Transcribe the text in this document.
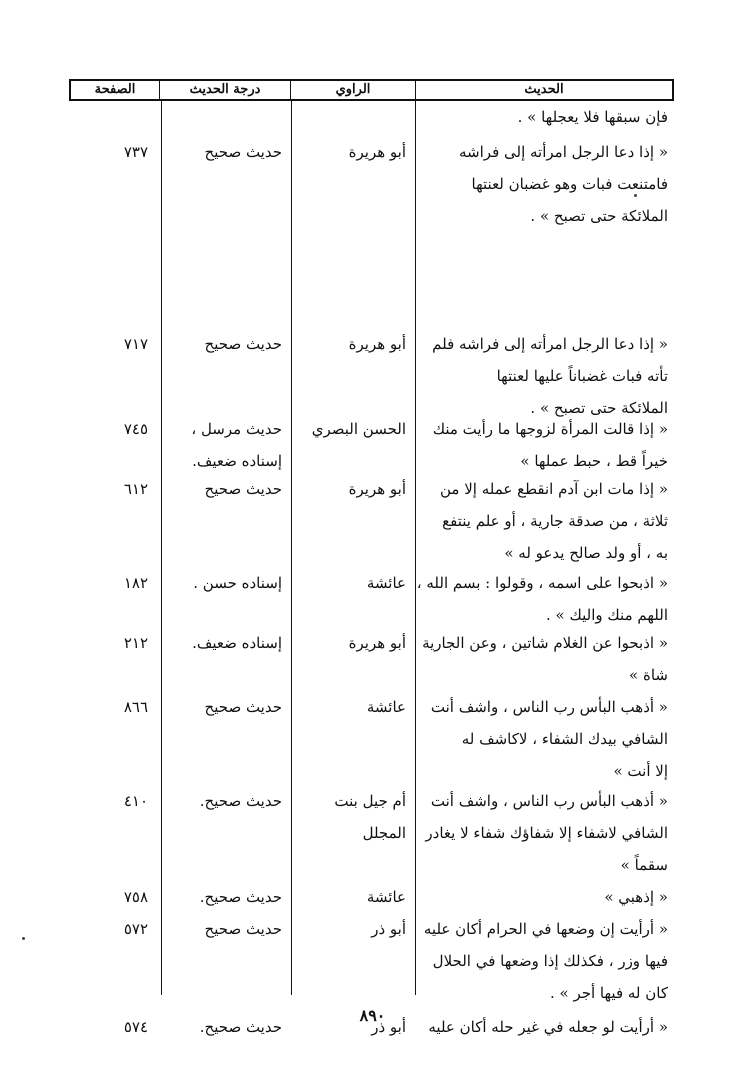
الحديث
الراوي
درجة الحديث
الصفحة
فإن سبقها فلا يعجلها » .
« إذا دعا الرجل امرأته إلى فراشه
فامتنعت فبات وهو غضبان لعنتها
الملائكة حتى تصبح » .
أبو هريرة
حديث صحيح
٧٣٧
« إذا دعا الرجل امرأته إلى فراشه فلم
تأته فبات غضباناً عليها لعنتها
الملائكة حتى تصبح » .
أبو هريرة
حديث صحيح
٧١٧
« إذا قالت المرأة لزوجها ما رأيت منك
خيراً قط ، حبط عملها »
الحسن البصري
حديث مرسل ،
إسناده ضعيف.
٧٤٥
« إذا مات ابن آدم انقطع عمله إلا من
ثلاثة ، من صدقة جارية ، أو علم ينتفع
به ، أو ولد صالح يدعو له »
أبو هريرة
حديث صحيح
٦١٢
« اذبحوا على اسمه ، وقولوا : بسم الله ،
اللهم منك واليك » .
عائشة
إسناده حسن .
١٨٢
« اذبحوا عن الغلام شاتين ، وعن الجارية
شاة »
أبو هريرة
إسناده ضعيف.
٢١٢
« أذهب البأس رب الناس ، واشف أنت
الشافي بيدك الشفاء ، لاكاشف له
إلا أنت »
عائشة
حديث صحيح
٨٦٦
« أذهب البأس رب الناس ، واشف أنت
الشافي لاشفاء إلا شفاؤك شفاء لا يغادر
سقماً »
أم جيل بنت
المجلل
حديث صحيح.
٤١٠
« إذهبي »
عائشة
حديث صحيح.
٧٥٨
« أرأيت إن وضعها في الحرام أكان عليه
فيها وزر ، فكذلك إذا وضعها في الحلال
كان له فيها أجر » .
أبو ذر
حديث صحيح
٥٧٢
« أرأيت لو جعله في غير حله أكان عليه
أبو ذر
حديث صحيح.
٥٧٤
٨٩٠
